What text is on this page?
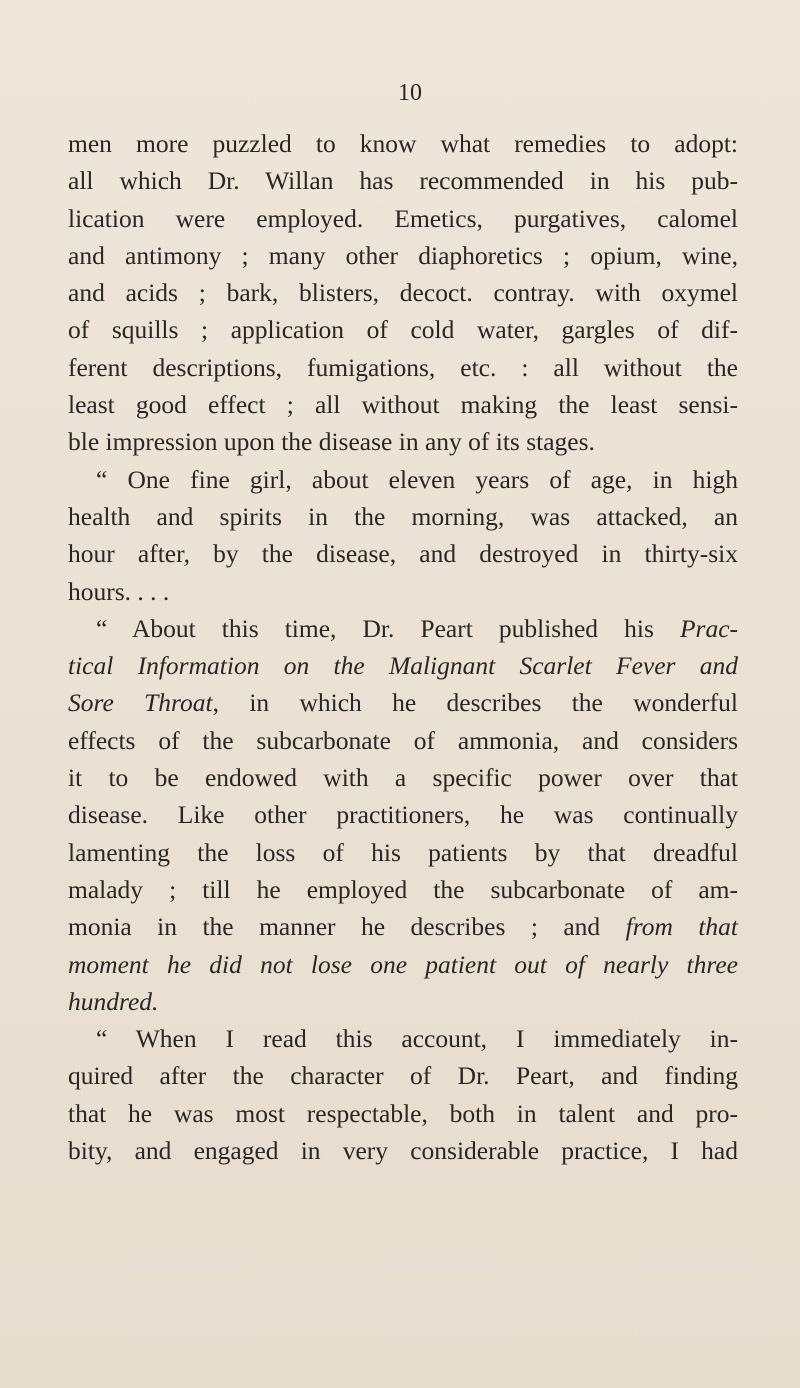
10
men more puzzled to know what remedies to adopt:
all which Dr. Willan has recommended in his pub-
lication were employed. Emetics, purgatives, calomel
and antimony ; many other diaphoretics ; opium, wine,
and acids ; bark, blisters, decoct. contray. with oxymel
of squills ; application of cold water, gargles of dif-
ferent descriptions, fumigations, etc. : all without the
least good effect ; all without making the least sensi-
ble impression upon the disease in any of its stages.
“ One fine girl, about eleven years of age, in high
health and spirits in the morning, was attacked, an
hour after, by the disease, and destroyed in thirty-six
hours. . . .
“ About this time, Dr. Peart published his Prac-
tical Information on the Malignant Scarlet Fever and
Sore Throat, in which he describes the wonderful
effects of the subcarbonate of ammonia, and considers
it to be endowed with a specific power over that
disease. Like other practitioners, he was continually
lamenting the loss of his patients by that dreadful
malady ; till he employed the subcarbonate of am-
monia in the manner he describes ; and from that
moment he did not lose one patient out of nearly three
hundred.
“ When I read this account, I immediately in-
quired after the character of Dr. Peart, and finding
that he was most respectable, both in talent and pro-
bity, and engaged in very considerable practice, I had
